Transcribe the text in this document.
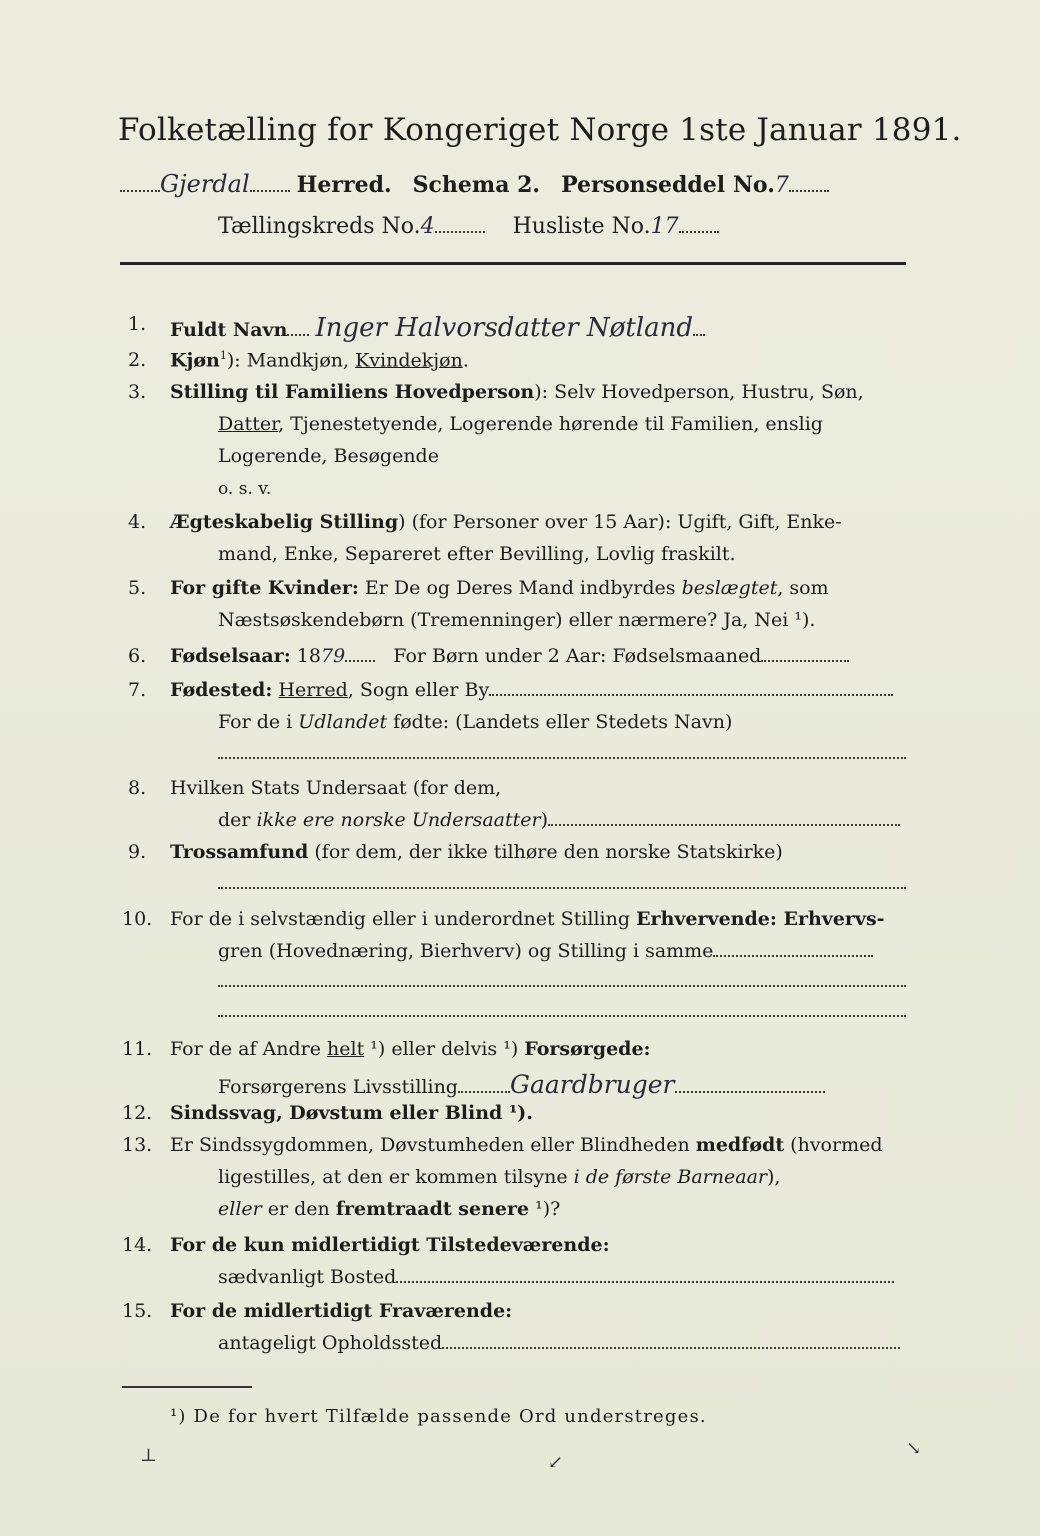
Folketælling for Kongeriget Norge 1ste Januar 1891.
Gjerdal Herred. Schema 2. Personseddel No.7
Tællingskreds No.4	Husliste No.17
1. Fuldt Navn Inger Halvorsdatter Nøtland
2. Kjøn$^1$): Mandkjøn, Kvindekjøn.
3. Stilling til Familiens Hovedperson): Selv Hovedperson, Hustru, Søn,
Datter, Tjenestetyende, Logerende hørende til Familien, enslig
Logerende, Besøgende
o. s. v.
4. Ægteskabelig Stilling) (for Personer over 15 Aar): Ugift, Gift, Enke-
mand, Enke, Separeret efter Bevilling, Lovlig fraskilt.
5. For gifte Kvinder: Er De og Deres Mand indbyrdes beslægtet, som
Næstsøskendebørn (Tremenninger) eller nærmere? Ja, Nei ¹).
6. Fødselsaar: 1879	For Børn under 2 Aar: Fødselsmaaned
7. Fødested: Herred, Sogn eller By
For de i Udlandet fødte: (Landets eller Stedets Navn)
8. Hvilken Stats Undersaat (for dem,
der ikke ere norske Undersaatter)
9. Trossamfund (for dem, der ikke tilhøre den norske Statskirke)
10. For de i selvstændig eller i underordnet Stilling Erhvervende: Erhvervs-
gren (Hovednæring, Bierhverv) og Stilling i samme
11. For de af Andre helt ¹) eller delvis ¹) Forsørgede:
Forsørgerens Livsstilling Gaardbruger
12. Sindssvag, Døvstum eller Blind ¹).
13. Er Sindssygdommen, Døvstumheden eller Blindheden medfødt (hvormed
ligestilles, at den er kommen tilsyne i de første Barneaar),
eller er den fremtraadt senere ¹)?
14. For de kun midlertidigt Tilstedeværende:
sædvanligt Bosted
15. For de midlertidigt Fraværende:
antageligt Opholdssted
¹) De for hvert Tilfælde passende Ord understreges.
⊥	↙
↘
